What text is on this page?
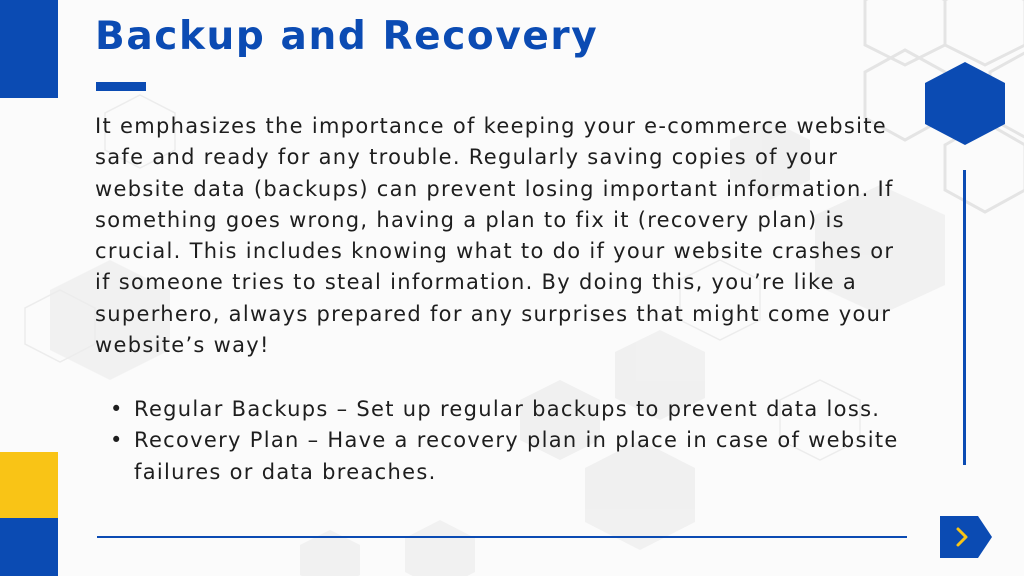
Backup and Recovery

It emphasizes the importance of keeping your e-commerce website safe and ready for any trouble. Regularly saving copies of your website data (backups) can prevent losing important information. If something goes wrong, having a plan to fix it (recovery plan) is crucial. This includes knowing what to do if your website crashes or if someone tries to steal information. By doing this, you’re like a superhero, always prepared for any surprises that might come your website’s way!

• Regular Backups – Set up regular backups to prevent data loss.
• Recovery Plan – Have a recovery plan in place in case of website failures or data breaches.
